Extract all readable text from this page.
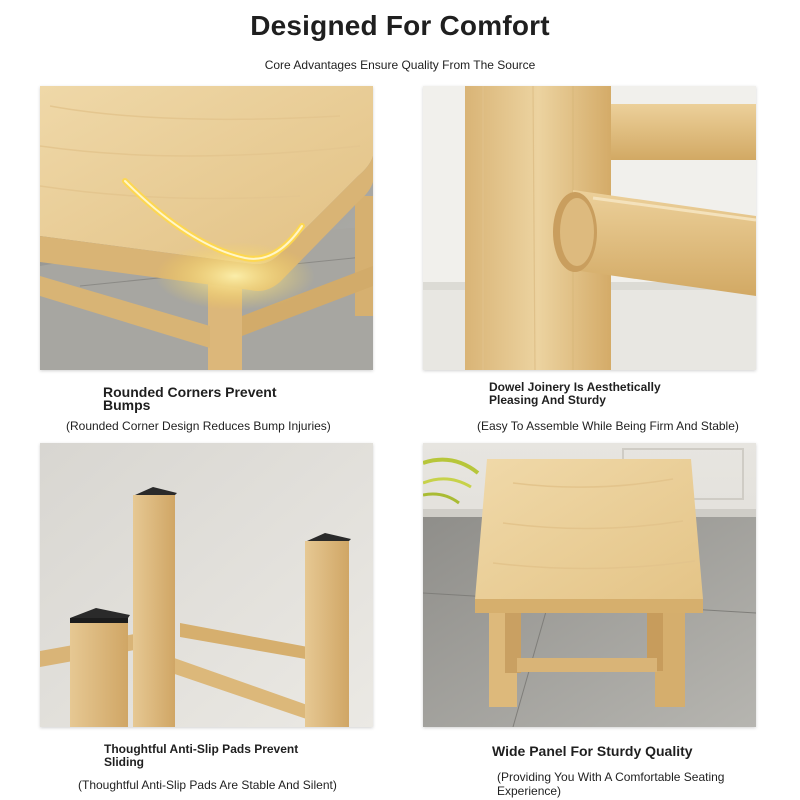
Designed For Comfort
Core Advantages Ensure Quality From The Source
Rounded Corners Prevent Bumps
(Rounded Corner Design Reduces Bump Injuries)
Dowel Joinery Is Aesthetically Pleasing And Sturdy
(Easy To Assemble While Being Firm And Stable)
Thoughtful Anti-Slip Pads Prevent Sliding
(Thoughtful Anti-Slip Pads Are Stable And Silent)
Wide Panel For Sturdy Quality
(Providing You With A Comfortable Seating Experience)
